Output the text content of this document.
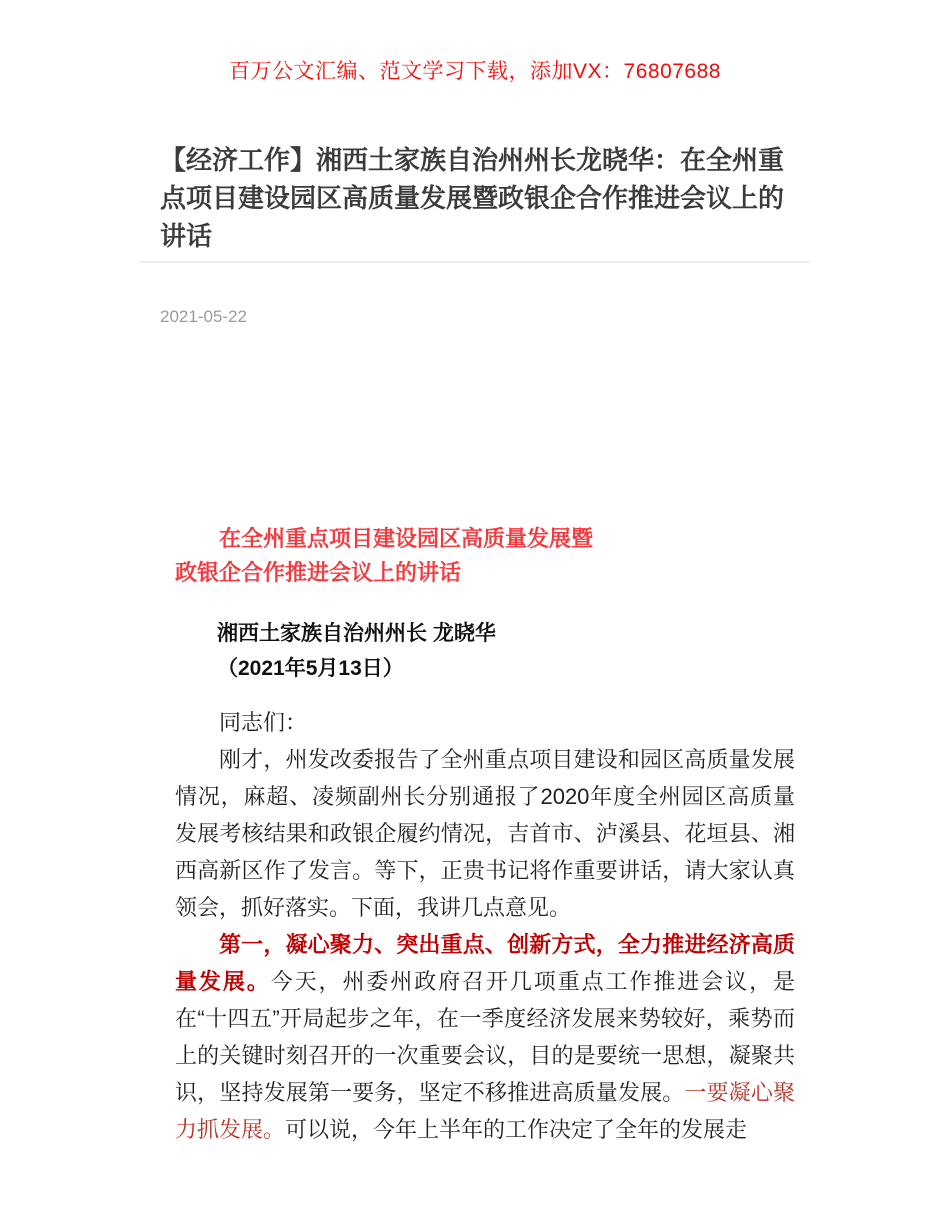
百万公文汇编、范文学习下载，添加VX：76807688
【经济工作】湘西土家族自治州州长龙晓华：在全州重点项目建设园区高质量发展暨政银企合作推进会议上的讲话
2021-05-22
在全州重点项目建设园区高质量发展暨
政银企合作推进会议上的讲话
湘西土家族自治州州长 龙晓华
（2021年5月13日）

同志们：

刚才，州发改委报告了全州重点项目建设和园区高质量发展情况，麻超、凌频副州长分别通报了2020年度全州园区高质量发展考核结果和政银企履约情况，吉首市、泸溪县、花垣县、湘西高新区作了发言。等下，正贵书记将作重要讲话，请大家认真领会，抓好落实。下面，我讲几点意见。

第一，凝心聚力、突出重点、创新方式，全力推进经济高质量发展。今天，州委州政府召开几项重点工作推进会议，是在“十四五”开局起步之年，在一季度经济发展来势较好，乘势而上的关键时刻召开的一次重要会议，目的是要统一思想，凝聚共识，坚持发展第一要务，坚定不移推进高质量发展。一要凝心聚力抓发展。可以说，今年上半年的工作决定了全年的发展走
